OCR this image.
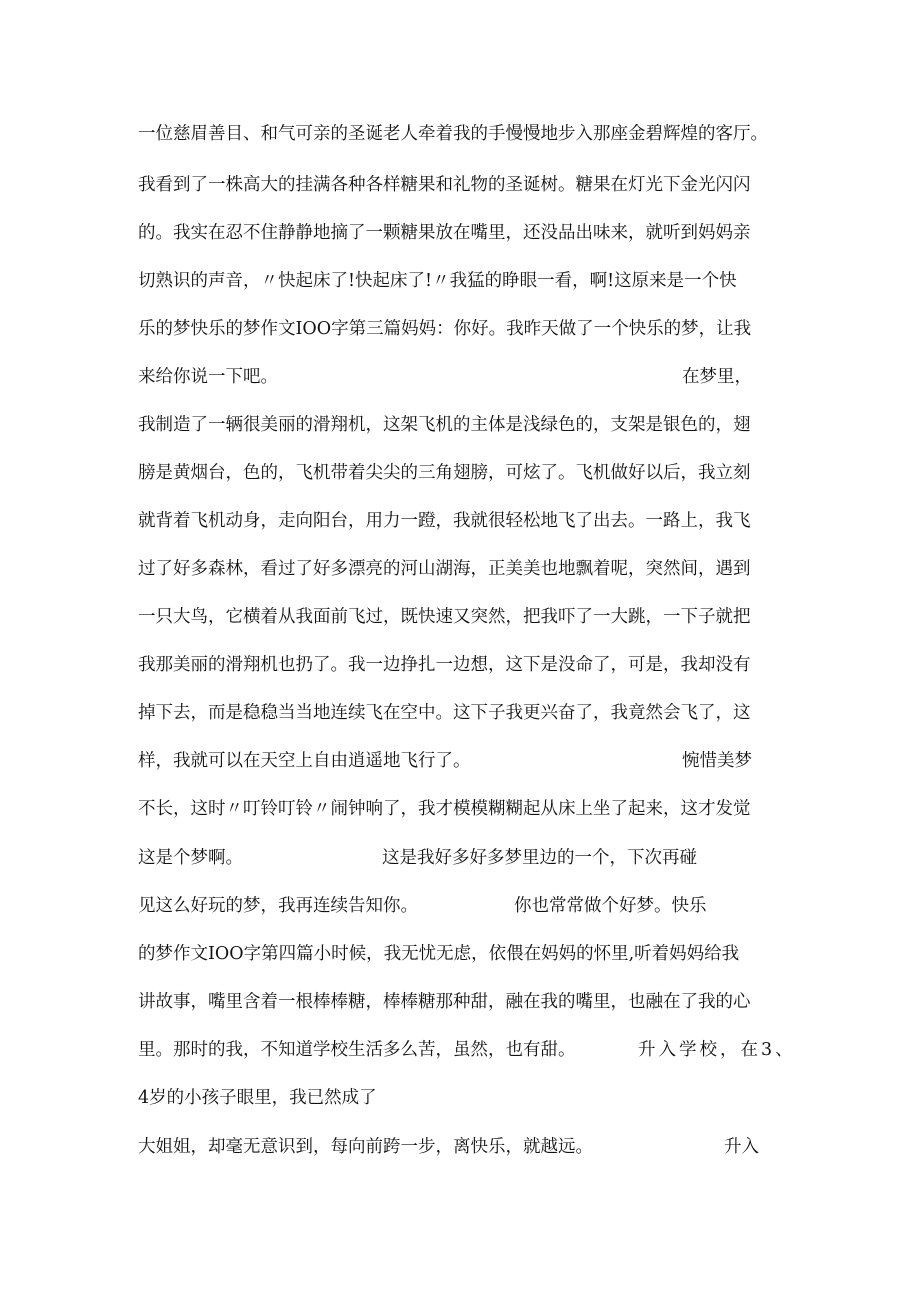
一位慈眉善目、和气可亲的圣诞老人牵着我的手慢慢地步入那座金碧辉煌的客厅。
我看到了一株高大的挂满各种各样糖果和礼物的圣诞树。糖果在灯光下金光闪闪
的。我实在忍不住静静地摘了一颗糖果放在嘴里，还没品出味来，就听到妈妈亲
切熟识的声音，〃快起床了!快起床了!〃我猛的睁眼一看，啊!这原来是一个快
乐的梦快乐的梦作文IOO字第三篇妈妈：你好。我昨天做了一个快乐的梦，让我
来给你说一下吧。	在梦里，
我制造了一辆很美丽的滑翔机，这架飞机的主体是浅绿色的，支架是银色的，翅
膀是黄烟台，色的，飞机带着尖尖的三角翅膀，可炫了。飞机做好以后，我立刻
就背着飞机动身，走向阳台，用力一蹬，我就很轻松地飞了出去。一路上，我飞
过了好多森林，看过了好多漂亮的河山湖海，正美美也地飘着呢，突然间，遇到
一只大鸟，它横着从我面前飞过，既快速又突然，把我吓了一大跳，一下子就把
我那美丽的滑翔机也扔了。我一边挣扎一边想，这下是没命了，可是，我却没有
掉下去，而是稳稳当当地连续飞在空中。这下子我更兴奋了，我竟然会飞了，这
样，我就可以在天空上自由逍遥地飞行了。	惋惜美梦
不长，这时〃叮铃叮铃〃闹钟响了，我才模模糊糊起从床上坐了起来，这才发觉
这是个梦啊。	这是我好多好多梦里边的一个，下次再碰
见这么好玩的梦，我再连续告知你。	你也常常做个好梦。快乐
的梦作文IOO字第四篇小时候，我无忧无虑，依偎在妈妈的怀里,听着妈妈给我
讲故事，嘴里含着一根棒棒糖，棒棒糖那种甜，融在我的嘴里，也融在了我的心
里。那时的我，不知道学校生活多么苦，虽然，也有甜。	升入学校，在3、
4岁的小孩子眼里，我已然成了
大姐姐，却毫无意识到，每向前跨一步，离快乐，就越远。	升入
